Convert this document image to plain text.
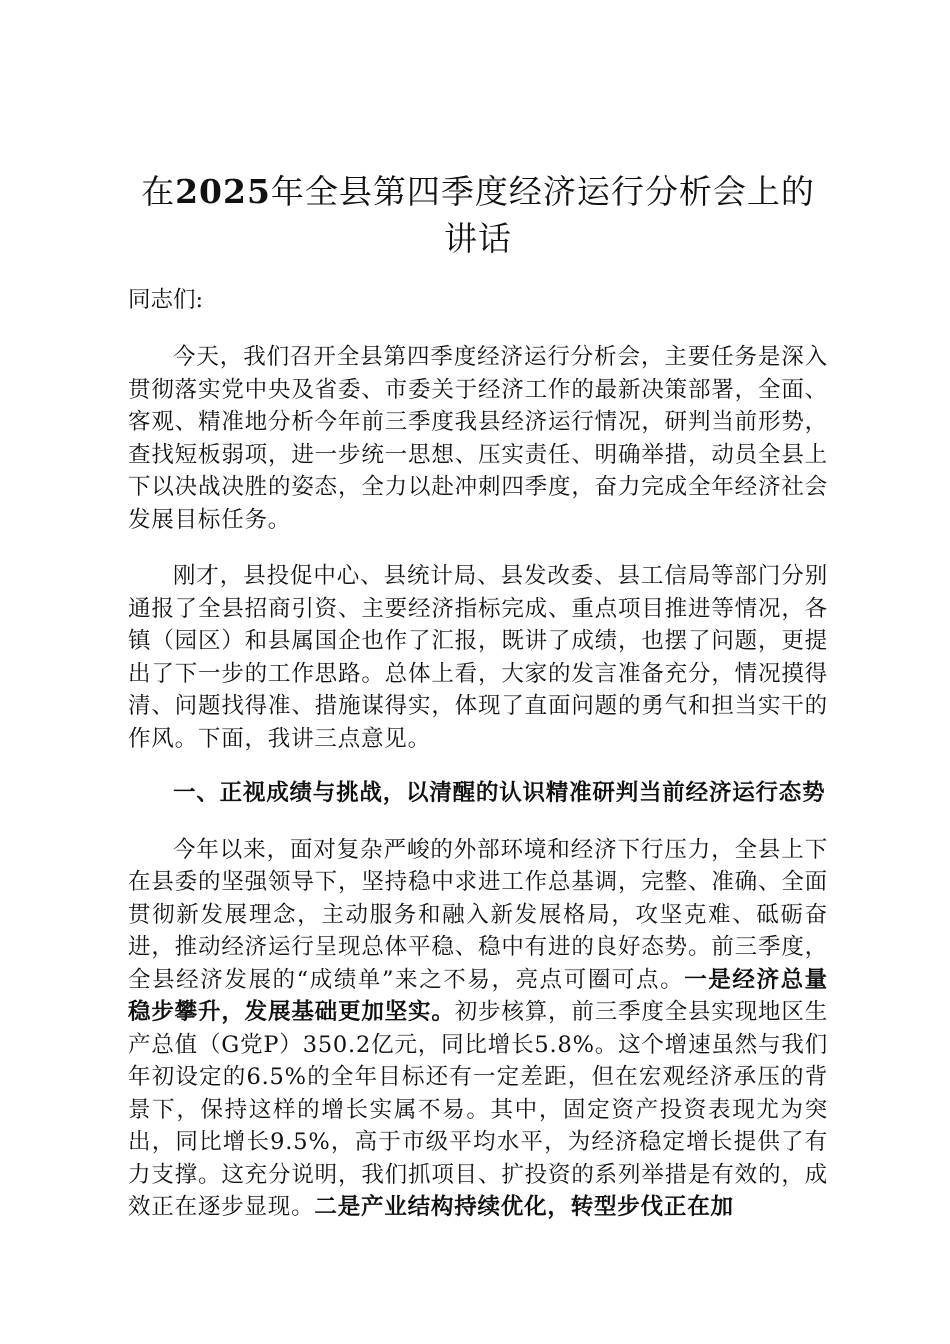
在2025年全县第四季度经济运行分析会上的讲话

同志们:

今天，我们召开全县第四季度经济运行分析会，主要任务是深入贯彻落实党中央及省委、市委关于经济工作的最新决策部署，全面、客观、精准地分析今年前三季度我县经济运行情况，研判当前形势，查找短板弱项，进一步统一思想、压实责任、明确举措，动员全县上下以决战决胜的姿态，全力以赴冲刺四季度，奋力完成全年经济社会发展目标任务。

刚才，县投促中心、县统计局、县发改委、县工信局等部门分别通报了全县招商引资、主要经济指标完成、重点项目推进等情况，各镇（园区）和县属国企也作了汇报，既讲了成绩，也摆了问题，更提出了下一步的工作思路。总体上看，大家的发言准备充分，情况摸得清、问题找得准、措施谋得实，体现了直面问题的勇气和担当实干的作风。下面，我讲三点意见。

一、正视成绩与挑战，以清醒的认识精准研判当前经济运行态势

今年以来，面对复杂严峻的外部环境和经济下行压力，全县上下在县委的坚强领导下，坚持稳中求进工作总基调，完整、准确、全面贯彻新发展理念，主动服务和融入新发展格局，攻坚克难、砥砺奋进，推动经济运行呈现总体平稳、稳中有进的良好态势。前三季度，全县经济发展的“成绩单”来之不易，亮点可圈可点。一是经济总量稳步攀升，发展基础更加坚实。初步核算，前三季度全县实现地区生产总值（G党P）350.2亿元，同比增长5.8%。这个增速虽然与我们年初设定的6.5%的全年目标还有一定差距，但在宏观经济承压的背景下，保持这样的增长实属不易。其中，固定资产投资表现尤为突出，同比增长9.5%，高于市级平均水平，为经济稳定增长提供了有力支撑。这充分说明，我们抓项目、扩投资的系列举措是有效的，成效正在逐步显现。二是产业结构持续优化，转型步伐正在加
